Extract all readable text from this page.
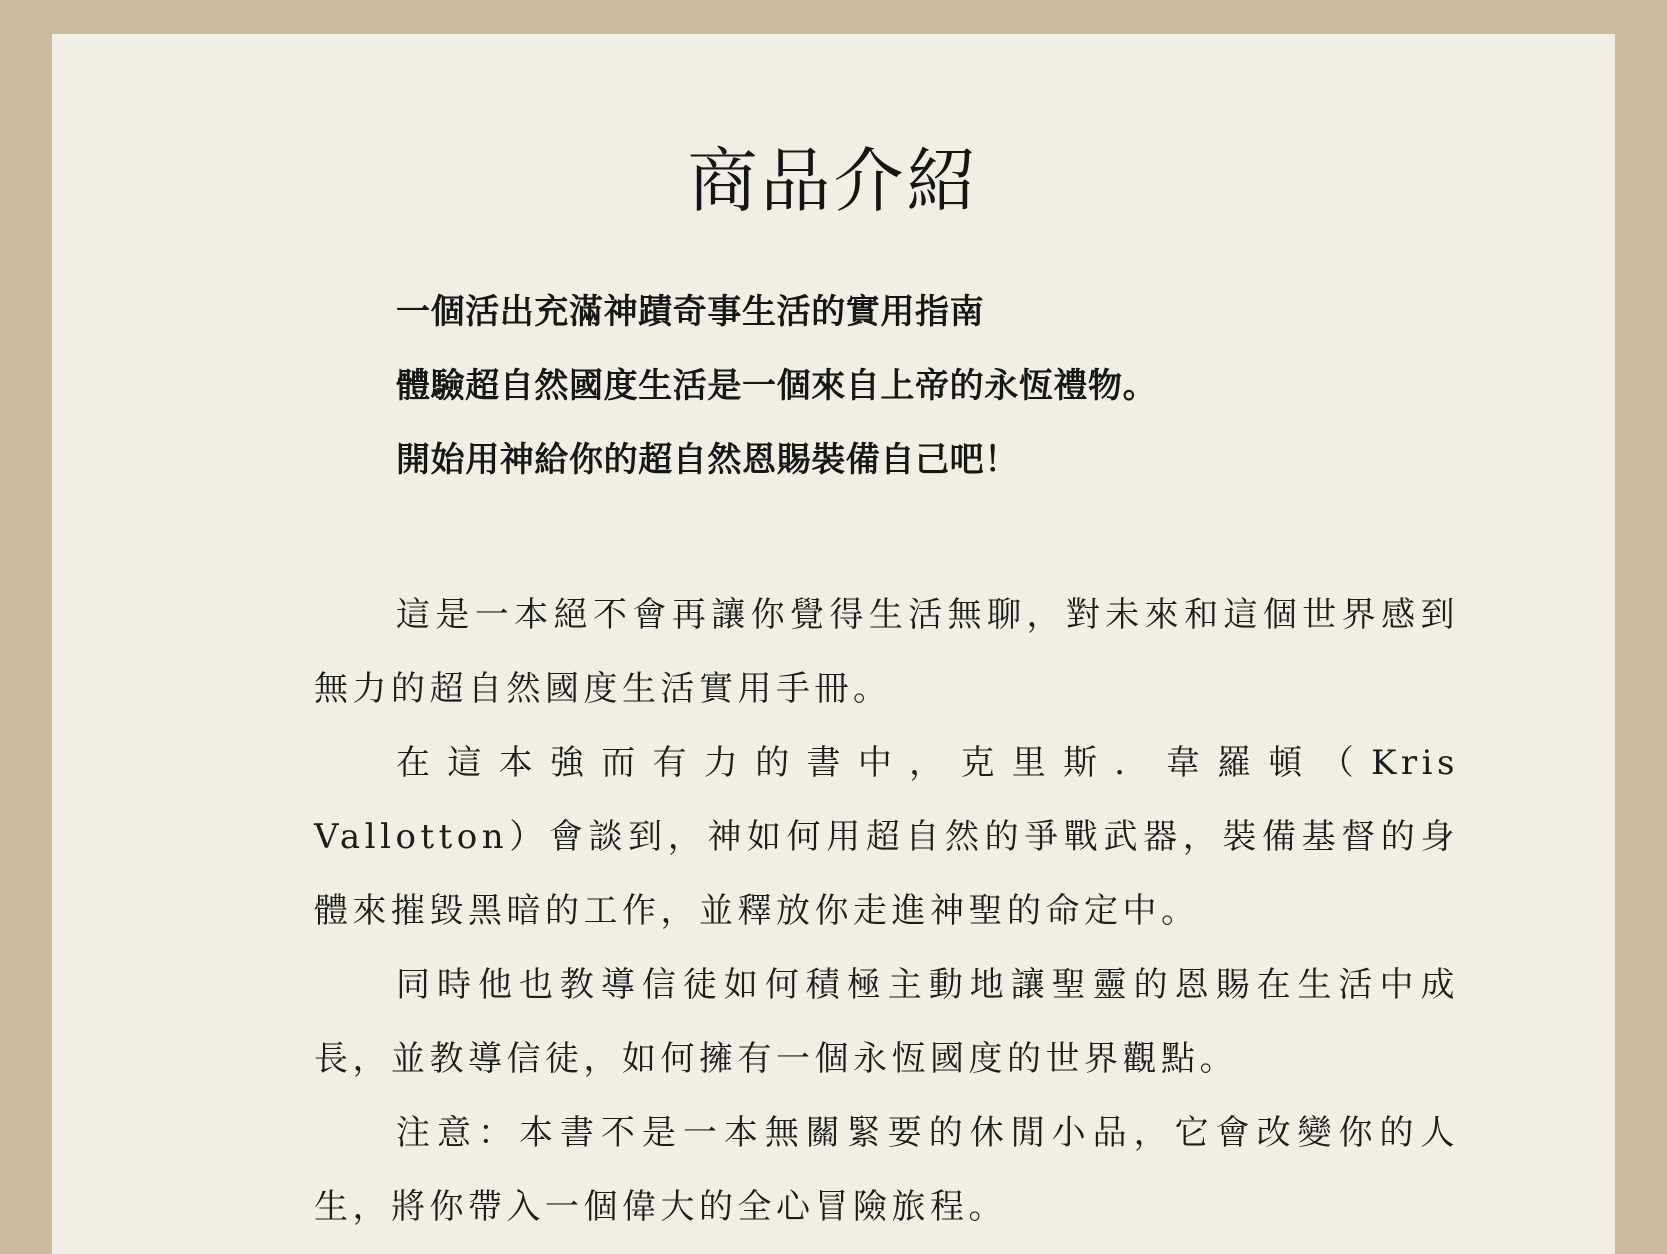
商品介紹
一個活出充滿神蹟奇事生活的實用指南
體驗超自然國度生活是一個來自上帝的永恆禮物。
開始用神給你的超自然恩賜裝備自己吧！

這是一本絕不會再讓你覺得生活無聊，對未來和這個世界感到無力的超自然國度生活實用手冊。

在這本強而有力的書中，克里斯．韋羅頓（Kris　Vallotton）會談到，神如何用超自然的爭戰武器，裝備基督的身體來摧毀黑暗的工作，並釋放你走進神聖的命定中。

同時他也教導信徒如何積極主動地讓聖靈的恩賜在生活中成長，並教導信徒，如何擁有一個永恆國度的世界觀點。

注意：本書不是一本無關緊要的休閒小品，它會改變你的人生，將你帶入一個偉大的全心冒險旅程。
